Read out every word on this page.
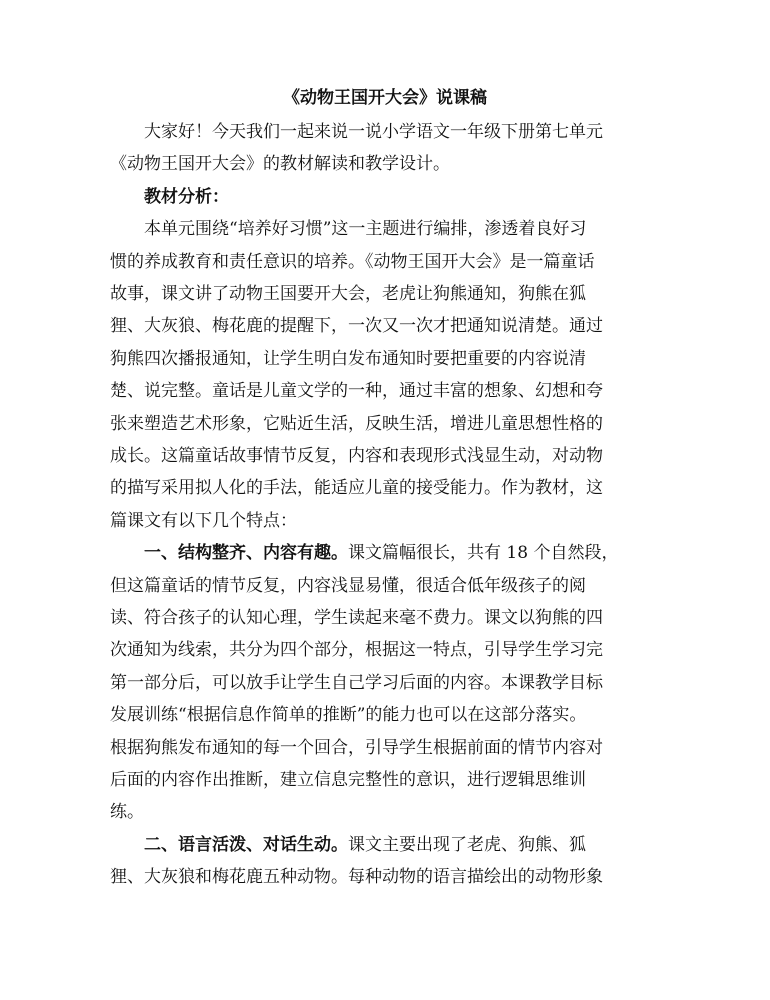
《动物王国开大会》说课稿
大家好！今天我们一起来说一说小学语文一年级下册第七单元
《动物王国开大会》的教材解读和教学设计。
教材分析：
本单元围绕“培养好习惯”这一主题进行编排，渗透着良好习
惯的养成教育和责任意识的培养。《动物王国开大会》是一篇童话
故事，课文讲了动物王国要开大会，老虎让狗熊通知，狗熊在狐
狸、大灰狼、梅花鹿的提醒下，一次又一次才把通知说清楚。通过
狗熊四次播报通知，让学生明白发布通知时要把重要的内容说清
楚、说完整。童话是儿童文学的一种，通过丰富的想象、幻想和夸
张来塑造艺术形象，它贴近生活，反映生活，增进儿童思想性格的
成长。这篇童话故事情节反复，内容和表现形式浅显生动，对动物
的描写采用拟人化的手法，能适应儿童的接受能力。作为教材，这
篇课文有以下几个特点：
一、结构整齐、内容有趣。课文篇幅很长，共有 18 个自然段，
但这篇童话的情节反复，内容浅显易懂，很适合低年级孩子的阅
读、符合孩子的认知心理，学生读起来毫不费力。课文以狗熊的四
次通知为线索，共分为四个部分，根据这一特点，引导学生学习完
第一部分后，可以放手让学生自己学习后面的内容。本课教学目标
发展训练“根据信息作简单的推断”的能力也可以在这部分落实。
根据狗熊发布通知的每一个回合，引导学生根据前面的情节内容对
后面的内容作出推断，建立信息完整性的意识，进行逻辑思维训
练。
二、语言活泼、对话生动。课文主要出现了老虎、狗熊、狐
狸、大灰狼和梅花鹿五种动物。每种动物的语言描绘出的动物形象
